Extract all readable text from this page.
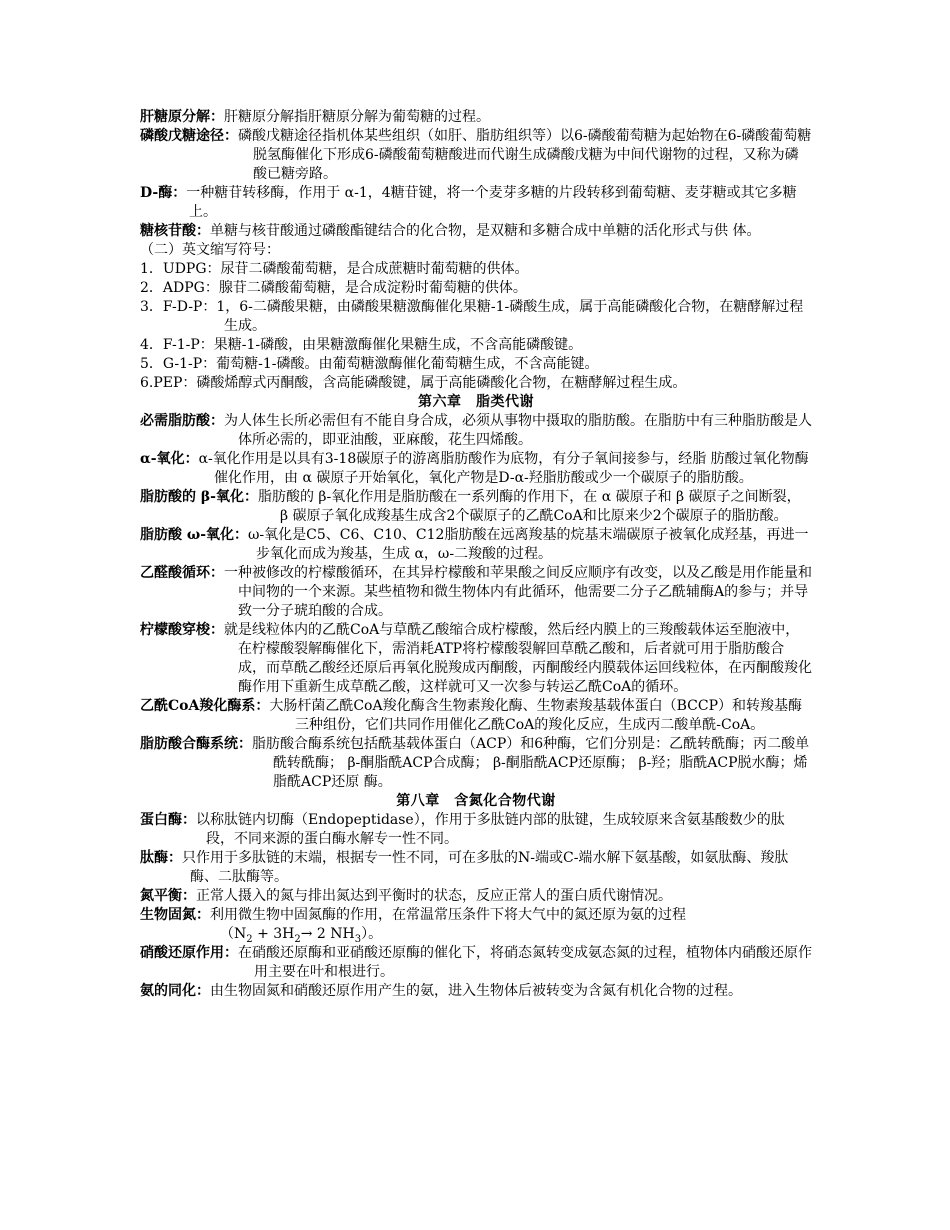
肝糖原分解：肝糖原分解指肝糖原分解为葡萄糖的过程。

磷酸戊糖途径：磷酸戊糖途径指机体某些组织（如肝、脂肪组织等）以6-磷酸葡萄糖为起始物在6-磷酸葡萄糖脱氢酶催化下形成6-磷酸葡萄糖酸进而代谢生成磷酸戊糖为中间代谢物的过程，又称为磷酸已糖旁路。

D-酶：一种糖苷转移酶，作用于 α-1，4糖苷键，将一个麦芽多糖的片段转移到葡萄糖、麦芽糖或其它多糖上。

糖核苷酸：单糖与核苷酸通过磷酸酯键结合的化合物，是双糖和多糖合成中单糖的活化形式与供 体。

（二）英文缩写符号：

1．UDPG：尿苷二磷酸葡萄糖，是合成蔗糖时葡萄糖的供体。

2．ADPG：腺苷二磷酸葡萄糖，是合成淀粉时葡萄糖的供体。

3．F-D-P：1，6-二磷酸果糖，由磷酸果糖激酶催化果糖-1-磷酸生成，属于高能磷酸化合物，在糖酵解过程生成。

4．F-1-P：果糖-1-磷酸，由果糖激酶催化果糖生成，不含高能磷酸键。

5．G-1-P：葡萄糖-1-磷酸。由葡萄糖激酶催化葡萄糖生成，不含高能键。

6.PEP：磷酸烯醇式丙酮酸，含高能磷酸键，属于高能磷酸化合物，在糖酵解过程生成。

第六章　脂类代谢

必需脂肪酸：为人体生长所必需但有不能自身合成，必须从事物中摄取的脂肪酸。在脂肪中有三种脂肪酸是人体所必需的，即亚油酸，亚麻酸，花生四烯酸。

α-氧化：α-氧化作用是以具有3-18碳原子的游离脂肪酸作为底物，有分子氧间接参与，经脂 肪酸过氧化物酶催化作用，由 α 碳原子开始氧化，氧化产物是D-α-羟脂肪酸或少一个碳原子的脂肪酸。

脂肪酸的 β-氧化：脂肪酸的 β-氧化作用是脂肪酸在一系列酶的作用下，在 α 碳原子和 β 碳原子之间断裂， β 碳原子氧化成羧基生成含2个碳原子的乙酰CoA和比原来少2个碳原子的脂肪酸。

脂肪酸 ω-氧化：ω-氧化是C5、C6、C10、C12脂肪酸在远离羧基的烷基末端碳原子被氧化成羟基，再进一步氧化而成为羧基，生成 α，ω-二羧酸的过程。

乙醛酸循环：一种被修改的柠檬酸循环，在其异柠檬酸和苹果酸之间反应顺序有改变，以及乙酸是用作能量和中间物的一个来源。某些植物和微生物体内有此循环，他需要二分子乙酰辅酶A的参与；并导致一分子琥珀酸的合成。

柠檬酸穿梭：就是线粒体内的乙酰CoA与草酰乙酸缩合成柠檬酸，然后经内膜上的三羧酸载体运至胞液中，在柠檬酸裂解酶催化下，需消耗ATP将柠檬酸裂解回草酰乙酸和，后者就可用于脂肪酸合成，而草酰乙酸经还原后再氧化脱羧成丙酮酸，丙酮酸经内膜载体运回线粒体，在丙酮酸羧化酶作用下重新生成草酰乙酸，这样就可又一次参与转运乙酰CoA的循环。

乙酰CoA羧化酶系：大肠杆菌乙酰CoA羧化酶含生物素羧化酶、生物素羧基载体蛋白（BCCP）和转羧基酶三种组份，它们共同作用催化乙酰CoA的羧化反应，生成丙二酸单酰-CoA。

脂肪酸合酶系统：脂肪酸合酶系统包括酰基载体蛋白（ACP）和6种酶，它们分别是：乙酰转酰酶；丙二酸单酰转酰酶； β-酮脂酰ACP合成酶； β-酮脂酰ACP还原酶； β-羟；脂酰ACP脱水酶；烯脂酰ACP还原 酶。

第八章　含氮化合物代谢

蛋白酶：以称肽链内切酶（Endopeptidase），作用于多肽链内部的肽键，生成较原来含氨基酸数少的肽段，不同来源的蛋白酶水解专一性不同。

肽酶：只作用于多肽链的末端，根据专一性不同，可在多肽的N-端或C-端水解下氨基酸，如氨肽酶、羧肽酶、二肽酶等。

氮平衡：正常人摄入的氮与排出氮达到平衡时的状态，反应正常人的蛋白质代谢情况。

生物固氮：利用微生物中固氮酶的作用，在常温常压条件下将大气中的氮还原为氨的过程
（$N_2 + 3H_2\to 2$ $NH_3$）。

硝酸还原作用：在硝酸还原酶和亚硝酸还原酶的催化下，将硝态氮转变成氨态氮的过程，植物体内硝酸还原作用主要在叶和根进行。

氨的同化：由生物固氮和硝酸还原作用产生的氨，进入生物体后被转变为含氮有机化合物的过程。
